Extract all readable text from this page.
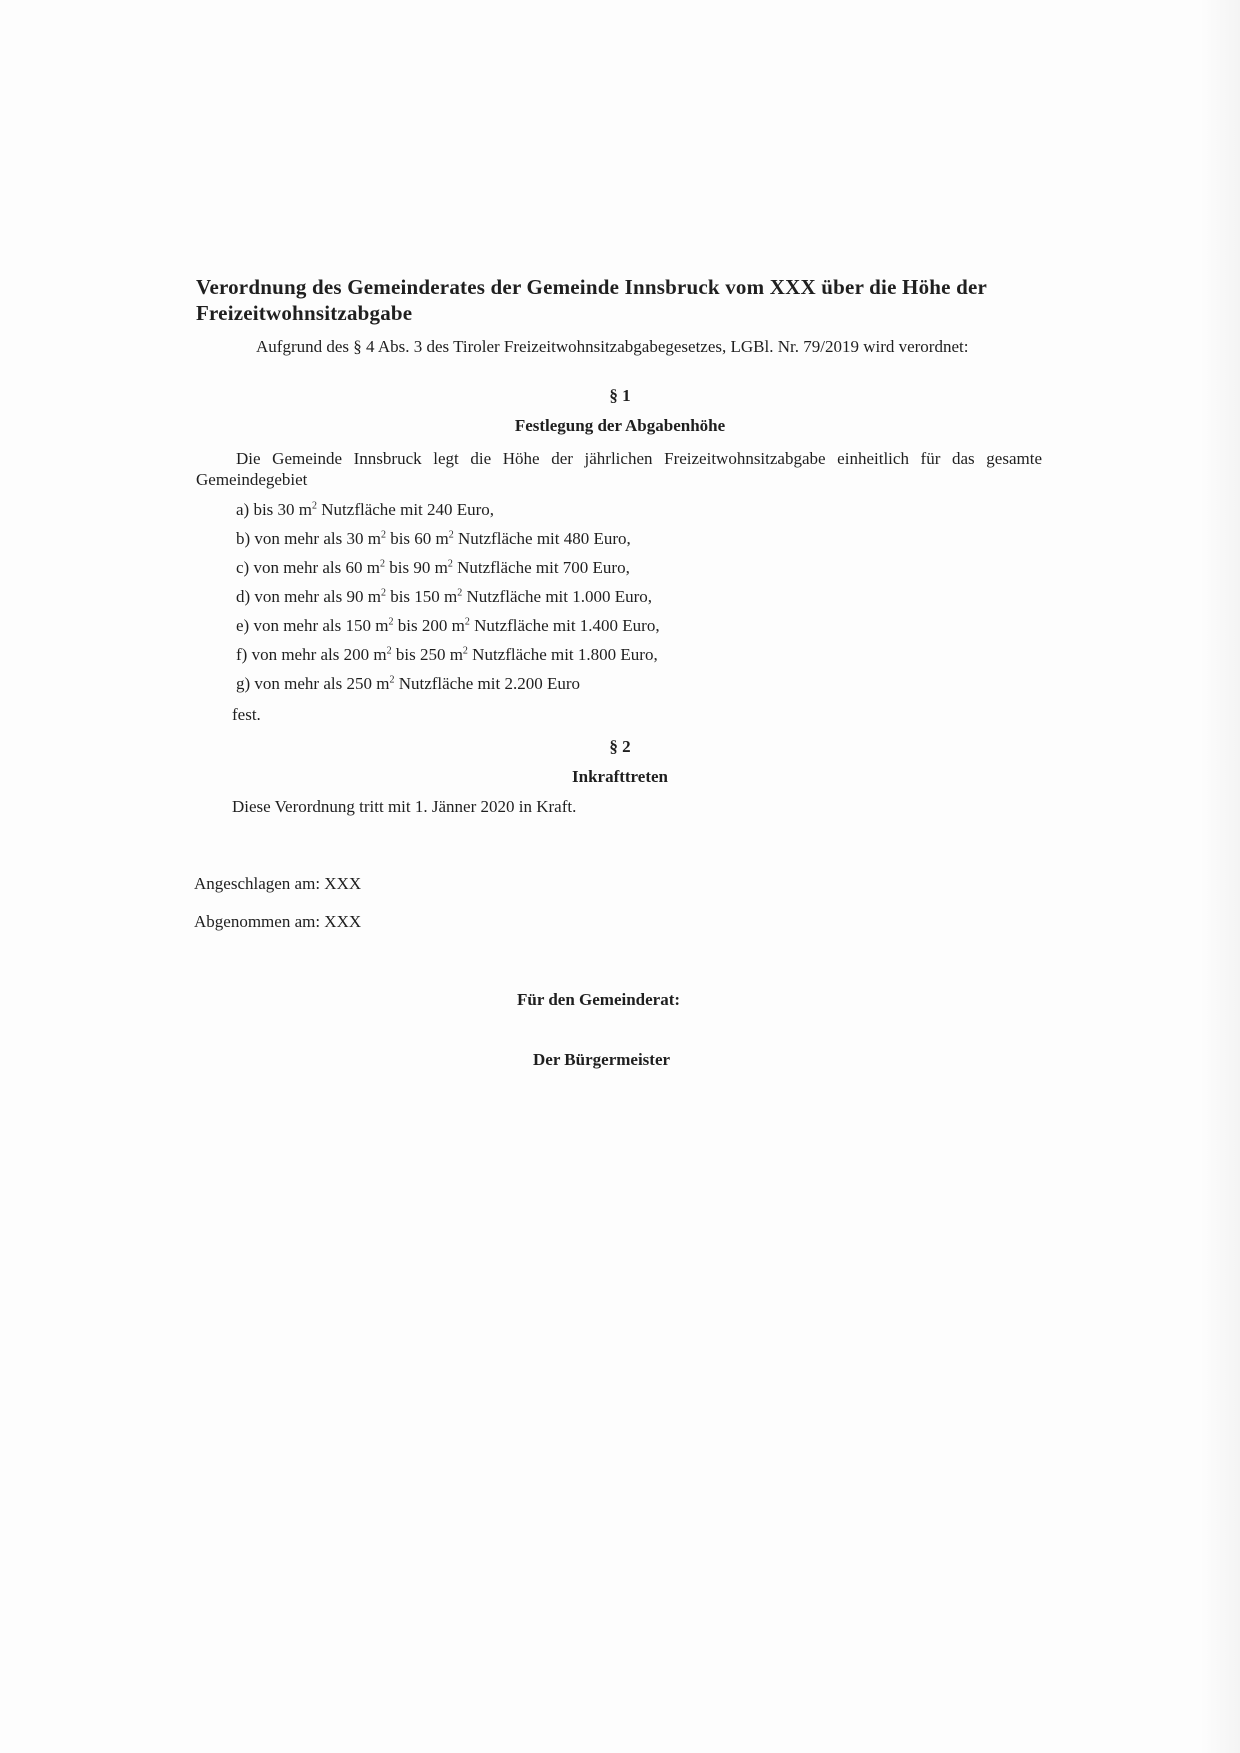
Verordnung des Gemeinderates der Gemeinde Innsbruck vom XXX über die Höhe der Freizeitwohnsitzabgabe
Aufgrund des § 4 Abs. 3 des Tiroler Freizeitwohnsitzabgabegesetzes, LGBl. Nr. 79/2019 wird verordnet:
§ 1
Festlegung der Abgabenhöhe
Die Gemeinde Innsbruck legt die Höhe der jährlichen Freizeitwohnsitzabgabe einheitlich für das gesamte Gemeindegebiet
a) bis 30 $m^2$ Nutzfläche mit 240 Euro,
b) von mehr als 30 $m^2$ bis 60 $m^2$ Nutzfläche mit 480 Euro,
c) von mehr als 60 $m^2$ bis 90 $m^2$ Nutzfläche mit 700 Euro,
d) von mehr als 90 $m^2$ bis 150 $m^2$ Nutzfläche mit 1.000 Euro,
e) von mehr als 150 $m^2$ bis 200 $m^2$ Nutzfläche mit 1.400 Euro,
f) von mehr als 200 $m^2$ bis 250 $m^2$ Nutzfläche mit 1.800 Euro,
g) von mehr als 250 $m^2$ Nutzfläche mit 2.200 Euro
fest.
§ 2
Inkrafttreten
Diese Verordnung tritt mit 1. Jänner 2020 in Kraft.
Angeschlagen am: XXX
Abgenommen am: XXX
Für den Gemeinderat:
Der Bürgermeister
